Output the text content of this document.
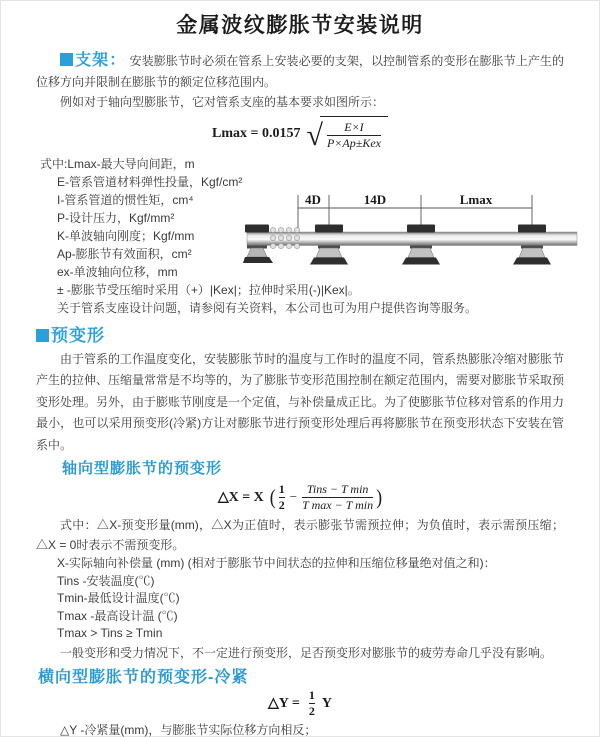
金属波纹膨胀节安装说明

支架： 安装膨胀节时必须在管系上安装必要的支架，以控制管系的变形在膨胀节上产生的位移方向并限制在膨胀节的额定位移范围内。

例如对于轴向型膨胀节，它对管系支座的基本要求如图所示：

Lmax = 0.0157 √ $\frac{E\times I}{\text{P×Ap±Kex}}$
式中:Lmax-最大导向间距，m
E-管系管道材料弹性投量，Kgf/cm²
I-管系管道的惯性矩，cm⁴
P-设计压力，Kgf/mm²
K-单波轴向刚度；Kgf/mm
Ap-膨胀节有效面积，cm²
ex-单波轴向位移，mm
± -膨胀节受压缩时采用（+）|Kex|；拉伸时采用(-)|Kex|。
关于管系支座设计问题，请参阅有关资料，本公司也可为用户提供咨询等服务。
4D	14D	Lmax
预变形

由于管系的工作温度变化，安装膨胀节时的温度与工作时的温度不同，管系热膨胀冷缩对膨胀节产生的拉伸、压缩量常常是不均等的，为了膨胀节变形范围控制在额定范围内，需要对膨胀节采取预变形处理。另外，由于膨账节刚度是一个定值，与补偿量成正比。为了使膨胀节位移对管系的作用力最小，也可以采用预变形(冷紧)方让对膨胀节进行预变形处理后再将膨胀节在预变形状态下安装在管系中。

轴向型膨胀节的预变形
△X = X ( $\frac{1}{2} - \frac{\text{Tins − T min}}{\text{T max − T min}}$ )

式中：△X-预变形量(mm)，△X为正值时，表示膨张节需预拉伸；为负值时，表示需预压缩；△X = 0时表示不需预变形。

X-实际轴向补偿量 (mm) (相对于膨胀节中间状态的拉伸和压缩位移量绝对值之和)：
Tins -安装温度(℃)
Tmin-最低设计温度(℃)
Tmax -最高设计温 (℃)
Tmax > Tins ≥ Tmin

一般变形和受力情况下，不一定进行预变形，足否预变形对膨胀节的疲劳寿命几乎没有影响。

横向型膨胀节的预变形-冷紧
△Y = $\frac{1}{2}$ Y

△Y -冷紧量(mm)，与膨胀节实际位移方向相反；
